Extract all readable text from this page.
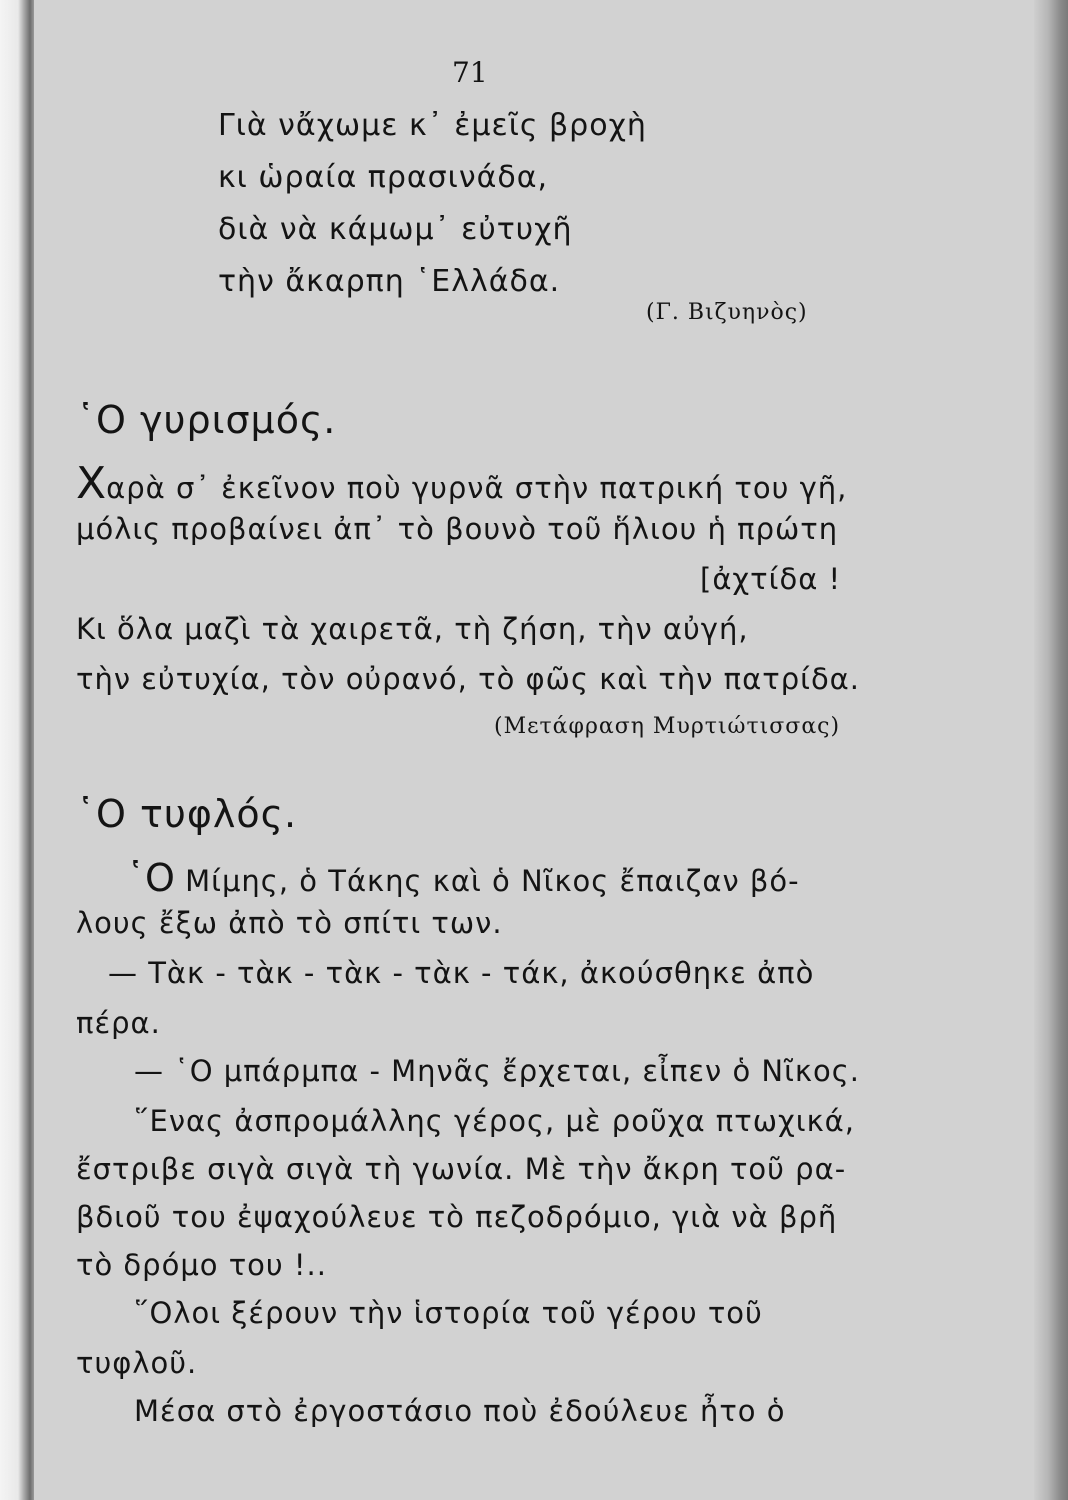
71
Γιὰ νἄχωμε κ᾽ ἐμεῖς βροχὴ
κι ὡραία πρασινάδα,
διὰ νὰ κάμωμ᾽ εὐτυχῆ
τὴν ἄκαρπη ῾Ελλάδα.
(Γ. Βιζυηνὸς)
῾Ο γυρισμός.
Χαρὰ σ᾽ ἐκεῖνον ποὺ γυρνᾶ στὴν πατρική του γῆ,
μόλις προβαίνει ἀπ᾽ τὸ βουνὸ τοῦ ἥλιου ἡ πρώτη
[ἀχτίδα !
Κι ὅλα μαζὶ τὰ χαιρετᾶ, τὴ ζήση, τὴν αὐγή,
τὴν εὐτυχία, τὸν οὐρανό, τὸ φῶς καὶ τὴν πατρίδα.
(Μετάφραση Μυρτιώτισσας)
῾Ο τυφλός.
῾Ο Μίμης, ὁ Τάκης καὶ ὁ Νῖκος ἔπαιζαν βό-
λους ἔξω ἀπὸ τὸ σπίτι των.
— Τὰκ - τὰκ - τὰκ - τὰκ - τάκ, ἀκούσθηκε ἀπὸ
πέρα.
— ῾Ο μπάρμπα - Μηνᾶς ἔρχεται, εἶπεν ὁ Νῖκος.
῞Ενας ἀσπρομάλλης γέρος, μὲ ροῦχα πτωχικά,
ἔστριβε σιγὰ σιγὰ τὴ γωνία. Μὲ τὴν ἄκρη τοῦ ρα-
βδιοῦ του ἐψαχούλευε τὸ πεζοδρόμιο, γιὰ νὰ βρῆ
τὸ δρόμο του !..
῞Ολοι ξέρουν τὴν ἱστορία τοῦ γέρου τοῦ
τυφλοῦ.
Μέσα στὸ ἐργοστάσιο ποὺ ἐδούλευε ἦτο ὁ
